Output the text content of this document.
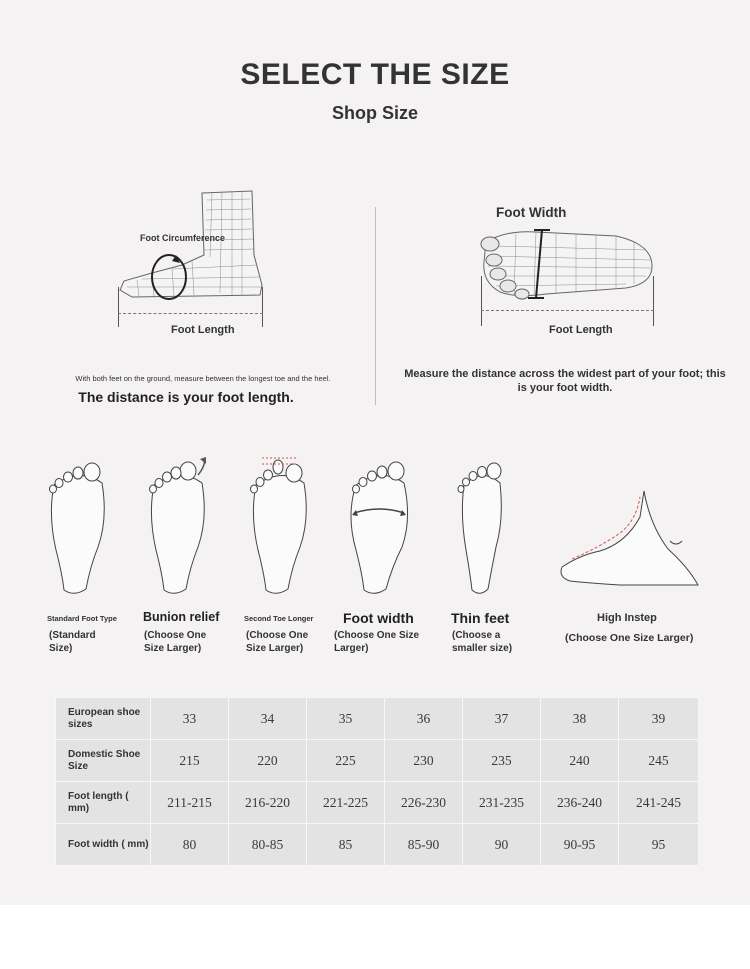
SELECT THE SIZE
Shop Size
Foot Circumference
Foot Length
With both feet on the ground, measure between the longest toe and the heel.
The distance is your foot length.
Foot Width
Foot Length
Measure the distance across the widest part of your foot; this is your foot width.
Standard Foot Type
(Standard
Size)
Bunion relief
(Choose One
Size Larger)
Second Toe Longer
(Choose One
Size Larger)
Foot width
(Choose One Size
Larger)
Thin feet
(Choose a
smaller size)
High Instep
(Choose One Size Larger)
European shoe sizes	33	34	35	36	37	38	39
Domestic Shoe Size	215	220	225	230	235	240	245
Foot length ( mm)	211-215	216-220	221-225	226-230	231-235	236-240	241-245
Foot width ( mm)	80	80-85	85	85-90	90	90-95	95
